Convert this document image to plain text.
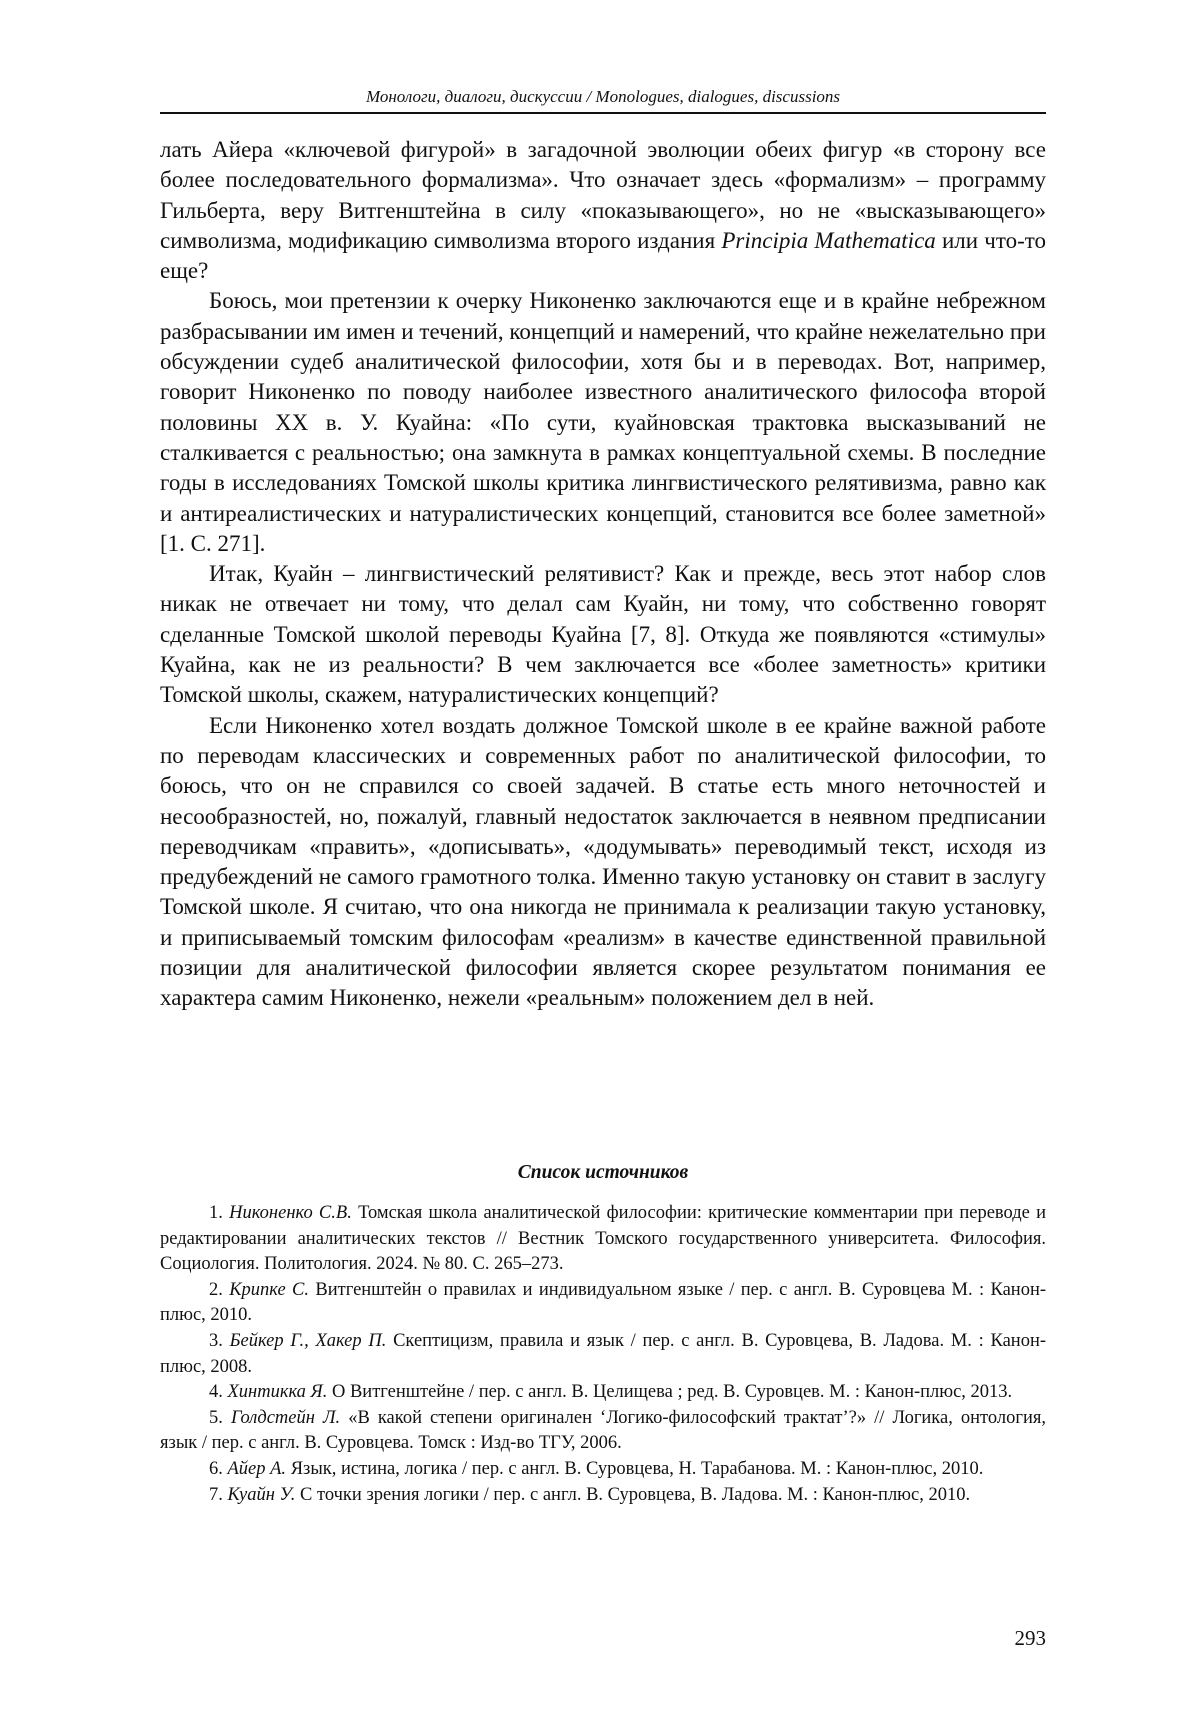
Монологи, диалоги, дискуссии / Monologues, dialogues, discussions

лать Айера «ключевой фигурой» в загадочной эволюции обеих фигур «в сторону все более последовательного формализма». Что означает здесь «формализм» – программу Гильберта, веру Витгенштейна в силу «показывающего», но не «высказывающего» символизма, модификацию символизма второго издания Principia Mathematica или что-то еще?

Боюсь, мои претензии к очерку Никоненко заключаются еще и в крайне небрежном разбрасывании им имен и течений, концепций и намерений, что крайне нежелательно при обсуждении судеб аналитической философии, хотя бы и в переводах. Вот, например, говорит Никоненко по поводу наиболее известного аналитического философа второй половины XX в. У. Куайна: «По сути, куайновская трактовка высказываний не сталкивается с реальностью; она замкнута в рамках концептуальной схемы. В последние годы в исследованиях Томской школы критика лингвистического релятивизма, равно как и антиреалистических и натуралистических концепций, становится все более заметной» [1. С. 271].

Итак, Куайн – лингвистический релятивист? Как и прежде, весь этот набор слов никак не отвечает ни тому, что делал сам Куайн, ни тому, что собственно говорят сделанные Томской школой переводы Куайна [7, 8]. Откуда же появляются «стимулы» Куайна, как не из реальности? В чем заключается все «более заметность» критики Томской школы, скажем, натуралистических концепций?

Если Никоненко хотел воздать должное Томской школе в ее крайне важной работе по переводам классических и современных работ по аналитической философии, то боюсь, что он не справился со своей задачей. В статье есть много неточностей и несообразностей, но, пожалуй, главный недостаток заключается в неявном предписании переводчикам «править», «дописывать», «додумывать» переводимый текст, исходя из предубеждений не самого грамотного толка. Именно такую установку он ставит в заслугу Томской школе. Я считаю, что она никогда не принимала к реализации такую установку, и приписываемый томским философам «реализм» в качестве единственной правильной позиции для аналитической философии является скорее результатом понимания ее характера самим Никоненко, нежели «реальным» положением дел в ней.

Список источников

1. Никоненко С.В. Томская школа аналитической философии: критические комментарии при переводе и редактировании аналитических текстов // Вестник Томского государственного университета. Философия. Социология. Политология. 2024. № 80. С. 265–273.

2. Крипке С. Витгенштейн о правилах и индивидуальном языке / пер. с англ. В. Суровцева М. : Канон-плюс, 2010.

3. Бейкер Г., Хакер П. Скептицизм, правила и язык / пер. с англ. В. Суровцева, В. Ладова. М. : Канон-плюс, 2008.

4. Хинтикка Я. О Витгенштейне / пер. с англ. В. Целищева ; ред. В. Суровцев. М. : Канон-плюс, 2013.

5. Голдстейн Л. «В какой степени оригинален ‘Логико-философский трактат’?» // Логика, онтология, язык / пер. с англ. В. Суровцева. Томск : Изд-во ТГУ, 2006.

6. Айер А. Язык, истина, логика / пер. с англ. В. Суровцева, Н. Тарабанова. М. : Канон-плюс, 2010.

7. Куайн У. С точки зрения логики / пер. с англ. В. Суровцева, В. Ладова. М. : Канон-плюс, 2010.

293
